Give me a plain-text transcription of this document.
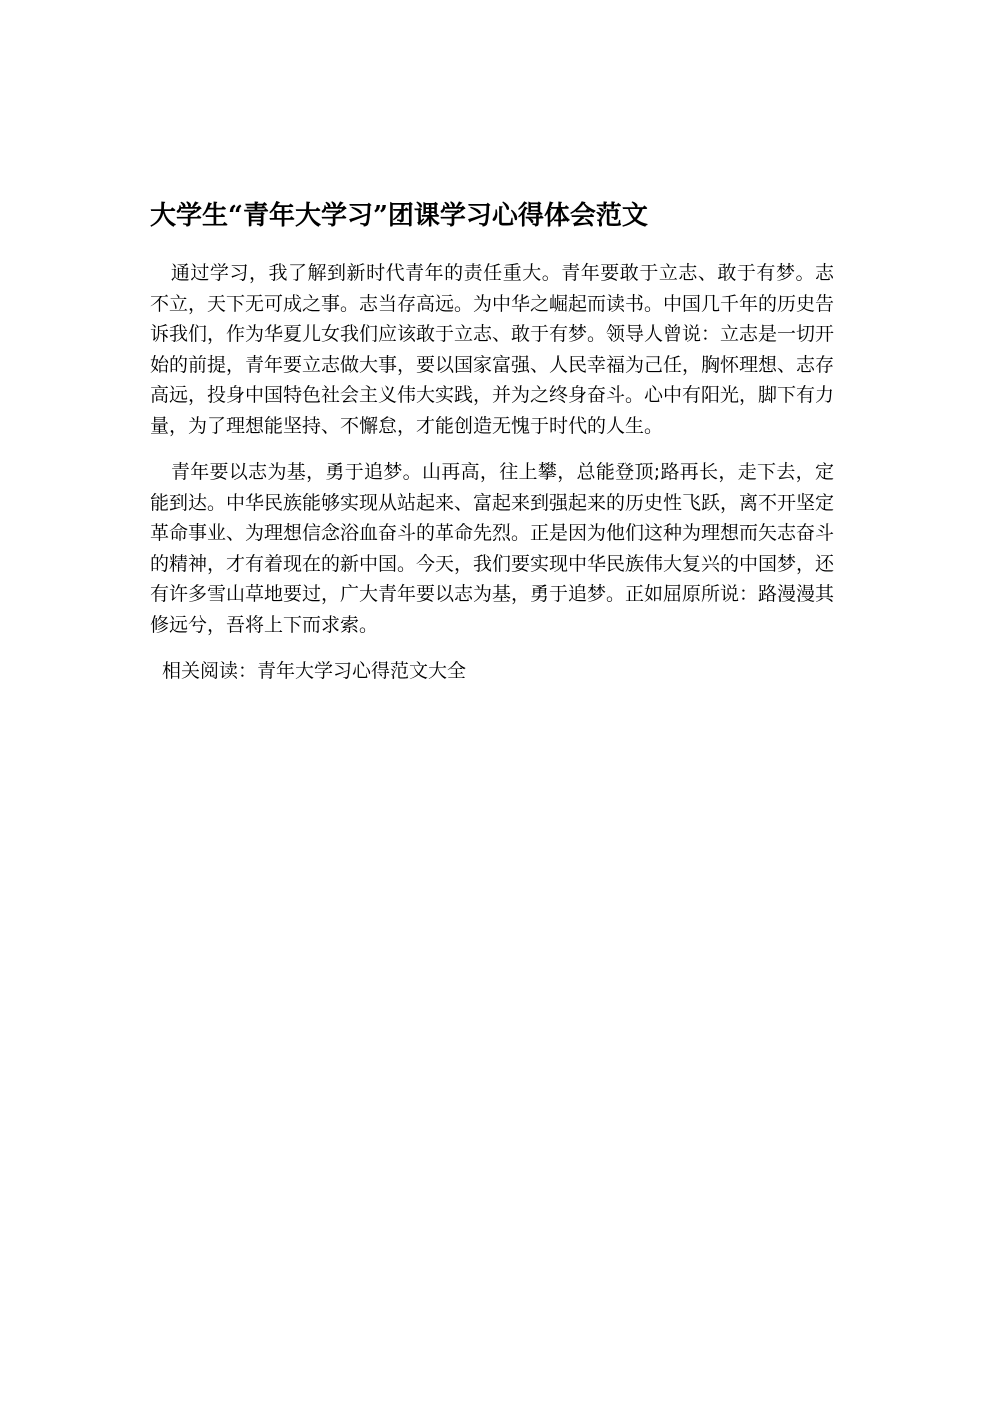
大学生“青年大学习”团课学习心得体会范文

通过学习，我了解到新时代青年的责任重大。青年要敢于立志、敢于有梦。志不立，天下无可成之事。志当存高远。为中华之崛起而读书。中国几千年的历史告诉我们，作为华夏儿女我们应该敢于立志、敢于有梦。领导人曾说：立志是一切开始的前提，青年要立志做大事，要以国家富强、人民幸福为己任，胸怀理想、志存高远，投身中国特色社会主义伟大实践，并为之终身奋斗。心中有阳光，脚下有力量，为了理想能坚持、不懈怠，才能创造无愧于时代的人生。

青年要以志为基，勇于追梦。山再高，往上攀，总能登顶;路再长，走下去，定能到达。中华民族能够实现从站起来、富起来到强起来的历史性飞跃，离不开坚定革命事业、为理想信念浴血奋斗的革命先烈。正是因为他们这种为理想而矢志奋斗的精神，才有着现在的新中国。今天，我们要实现中华民族伟大复兴的中国梦，还有许多雪山草地要过，广大青年要以志为基，勇于追梦。正如屈原所说：路漫漫其修远兮，吾将上下而求索。

相关阅读：青年大学习心得范文大全
